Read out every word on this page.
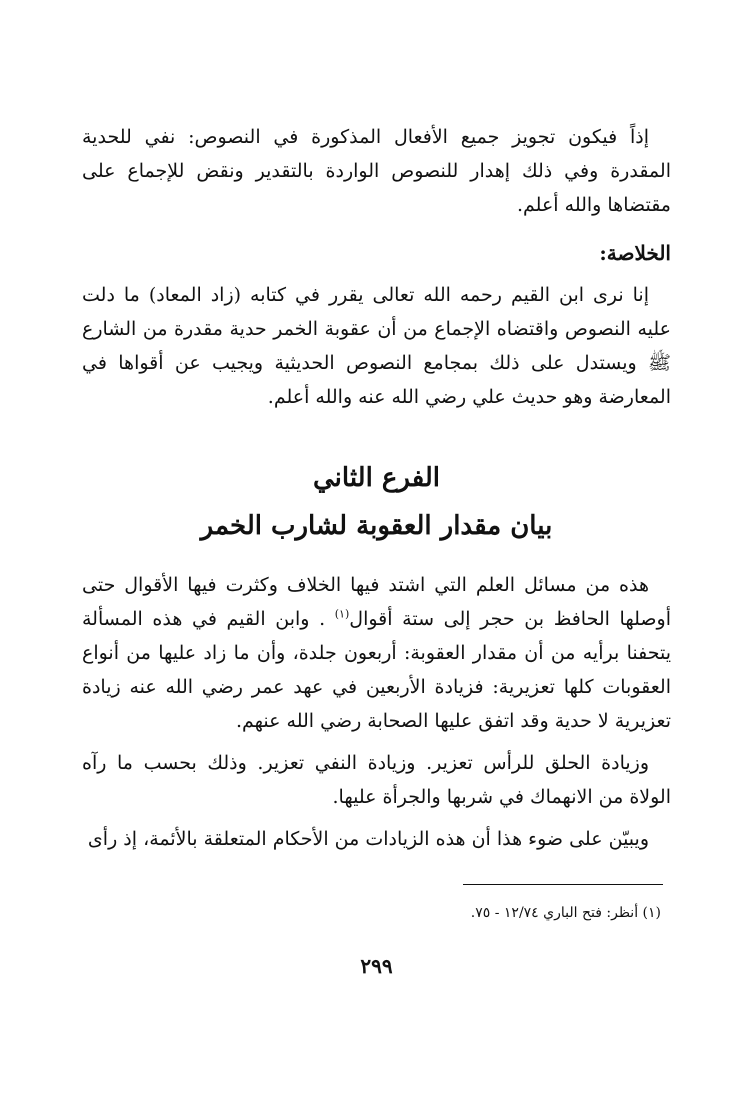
إذاً فيكون تجويز جميع الأفعال المذكورة في النصوص: نفي للحدية المقدرة وفي ذلك إهدار للنصوص الواردة بالتقدير ونقض للإجماع على مقتضاها والله أعلم.

الخلاصة:

إنا نرى ابن القيم رحمه الله تعالى يقرر في كتابه (زاد المعاد) ما دلت عليه النصوص واقتضاه الإجماع من أن عقوبة الخمر حدية مقدرة من الشارع ﷺ ويستدل على ذلك بمجامع النصوص الحديثية ويجيب عن أقواها في المعارضة وهو حديث علي رضي الله عنه والله أعلم.

الفرع الثاني
بيان مقدار العقوبة لشارب الخمر

هذه من مسائل العلم التي اشتد فيها الخلاف وكثرت فيها الأقوال حتى أوصلها الحافظ بن حجر إلى ستة أقوال$^{(١)}$ . وابن القيم في هذه المسألة يتحفنا برأيه من أن مقدار العقوبة: أربعون جلدة، وأن ما زاد عليها من أنواع العقوبات كلها تعزيرية: فزيادة الأربعين في عهد عمر رضي الله عنه زيادة تعزيرية لا حدية وقد اتفق عليها الصحابة رضي الله عنهم.

وزيادة الحلق للرأس تعزير. وزيادة النفي تعزير. وذلك بحسب ما رآه الولاة من الانهماك في شربها والجرأة عليها.

ويبيّن على ضوء هذا أن هذه الزيادات من الأحكام المتعلقة بالأئمة، إذ رأى

(١) أنظر: فتح الباري ١٢/٧٤ - ٧٥.
٢٩٩
